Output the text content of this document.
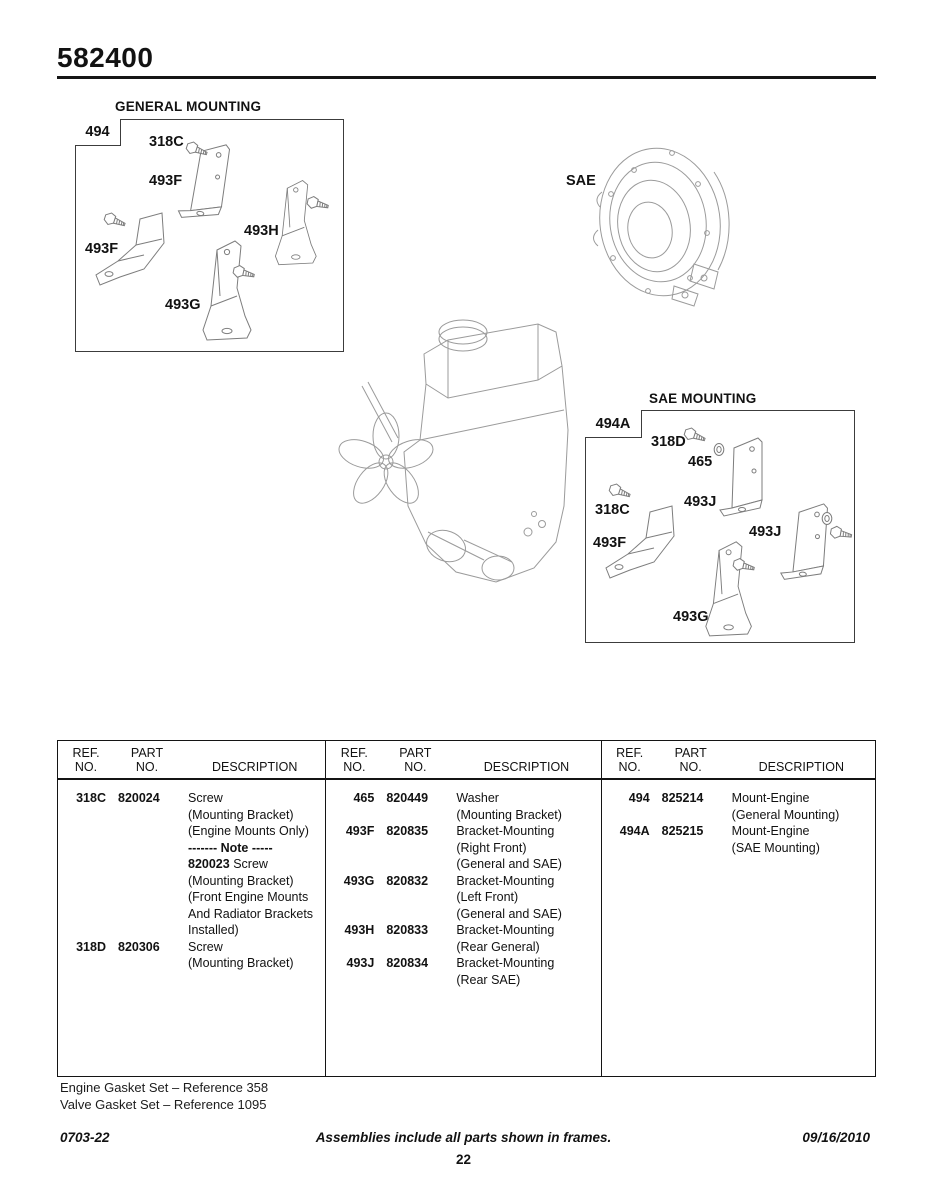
582400
GENERAL MOUNTING
494
318C
493F
493H
493F
493G
SAE
SAE MOUNTING
494A
318D
465
493J
318C
493F
493J
493G
REF.
NO.
PART
NO.	DESCRIPTION
318C 820024	Screw
(Mounting Bracket)
(Engine Mounts Only)
------- Note -----
820023 Screw
(Mounting Bracket)
(Front Engine Mounts
And Radiator Brackets
Installed)
318D 820306	Screw
(Mounting Bracket)
REF.
NO.
PART
NO.	DESCRIPTION
465 820449	Washer
(Mounting Bracket)
493F 820835	Bracket-Mounting
(Right Front)
(General and SAE)
493G 820832	Bracket-Mounting
(Left Front)
(General and SAE)
493H 820833	Bracket-Mounting
(Rear General)
493J 820834	Bracket-Mounting
(Rear SAE)
REF.
NO.
PART
NO.	DESCRIPTION
494 825214	Mount-Engine
(General Mounting)
494A 825215	Mount-Engine
(SAE Mounting)
Engine Gasket Set – Reference 358
Valve Gasket Set – Reference 1095
0703-22	Assemblies include all parts shown in frames.	09/16/2010
22
